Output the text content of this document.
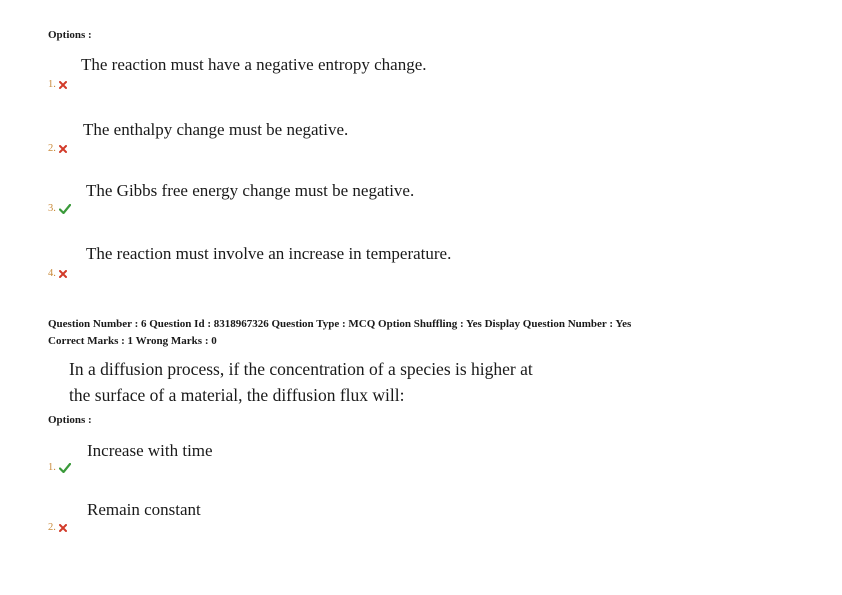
Options :
The reaction must have a negative entropy change.
1.
The enthalpy change must be negative.
2.
The Gibbs free energy change must be negative.
3.
The reaction must involve an increase in temperature.
4.
Question Number : 6 Question Id : 8318967326 Question Type : MCQ Option Shuffling : Yes Display Question Number : Yes
Correct Marks : 1 Wrong Marks : 0
In a diffusion process, if the concentration of a species is higher at
the surface of a material, the diffusion flux will:
Options :
Increase with time
1.
Remain constant
2.
